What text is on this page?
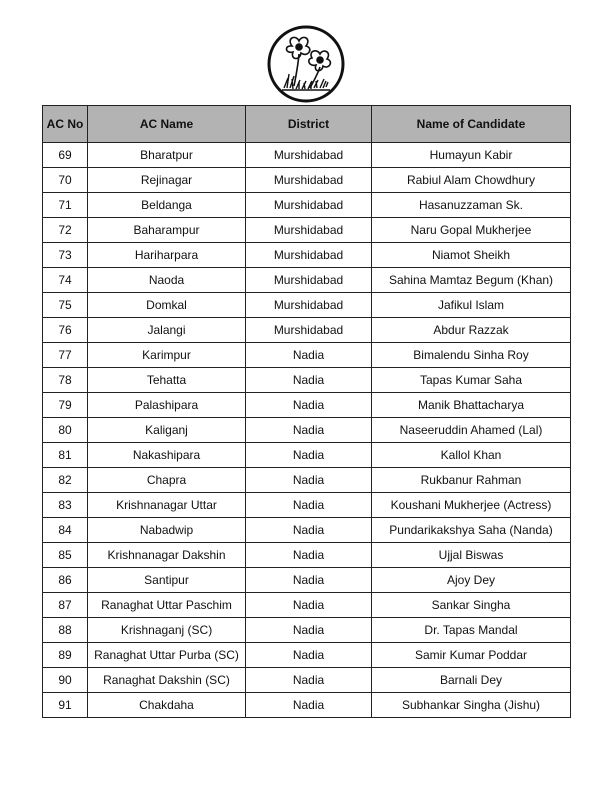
AC No	AC Name	District	Name of Candidate
69	Bharatpur	Murshidabad	Humayun Kabir
70	Rejinagar	Murshidabad	Rabiul Alam Chowdhury
71	Beldanga	Murshidabad	Hasanuzzaman Sk.
72	Baharampur	Murshidabad	Naru Gopal Mukherjee
73	Hariharpara	Murshidabad	Niamot Sheikh
74	Naoda	Murshidabad	Sahina Mamtaz Begum (Khan)
75	Domkal	Murshidabad	Jafikul Islam
76	Jalangi	Murshidabad	Abdur Razzak
77	Karimpur	Nadia	Bimalendu Sinha Roy
78	Tehatta	Nadia	Tapas Kumar Saha
79	Palashipara	Nadia	Manik Bhattacharya
80	Kaliganj	Nadia	Naseeruddin Ahamed (Lal)
81	Nakashipara	Nadia	Kallol Khan
82	Chapra	Nadia	Rukbanur Rahman
83	Krishnanagar Uttar	Nadia	Koushani Mukherjee (Actress)
84	Nabadwip	Nadia	Pundarikakshya Saha (Nanda)
85	Krishnanagar Dakshin	Nadia	Ujjal Biswas
86	Santipur	Nadia	Ajoy Dey
87	Ranaghat Uttar Paschim	Nadia	Sankar Singha
88	Krishnaganj (SC)	Nadia	Dr. Tapas Mandal
89	Ranaghat Uttar Purba (SC)	Nadia	Samir Kumar Poddar
90	Ranaghat Dakshin (SC)	Nadia	Barnali Dey
91	Chakdaha	Nadia	Subhankar Singha (Jishu)
